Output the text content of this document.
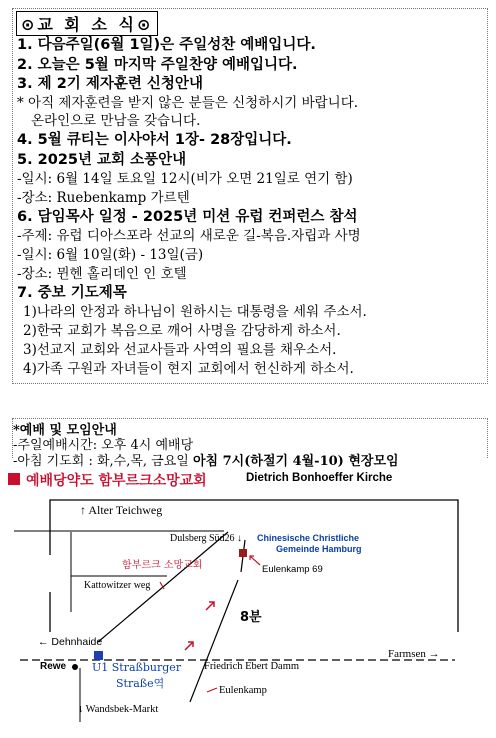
⊙교 회 소 식⊙
1. 다음주일(6월 1일)은 주일성찬 예배입니다.
2. 오늘은 5월 마지막 주일찬양 예배입니다.
3. 제 2기 제자훈련 신청안내
* 아직 제자훈련을 받지 않은 분들은 신청하시기 바랍니다.
온라인으로 만남을 갖습니다.
4. 5월 큐티는 이사야서 1장- 28장입니다.
5. 2025년 교회 소풍안내
-일시: 6월 14일 토요일 12시(비가 오면 21일로 연기 함)
-장소: Ruebenkamp 가르텐
6. 담임목사 일정 - 2025년 미션 유럽 컨퍼런스 참석
-주제: 유럽 디아스포라 선교의 새로운 길-복음.자립과 사명
-일시: 6월 10일(화) - 13일(금)
-장소: 뮌헨 홀리데인 인 호텔
7. 중보 기도제목
1)나라의 안정과 하나님이 원하시는 대통령을 세워 주소서.
2)한국 교회가 복음으로 깨어 사명을 감당하게 하소서.
3)선교지 교회와 선교사들과 사역의 필요를 채우소서.
4)가족 구원과 자녀들이 현지 교회에서 헌신하게 하소서.
*예배 및 모임안내
-주일예배시간: 오후 4시 예배당
-아침 기도회 : 화,수,목, 금요일 아침 7시(하절기 4월-10) 현장모임
예배당약도 함부르크소망교회	Dietrich Bonhoeffer Kirche
↑ Alter Teichweg
Dulsberg Süd26 ↓ Chinesische Christliche
Gemeinde Hamburg
함부르크 소망교회	Eulenkamp 69
Kattowitzer weg
8분
← Dehnhaide
Rewe U1 Straßburger
Straße역
Friedrich Ebert Damm
Farmsen →
Eulenkamp
↓ Wandsbek-Markt
